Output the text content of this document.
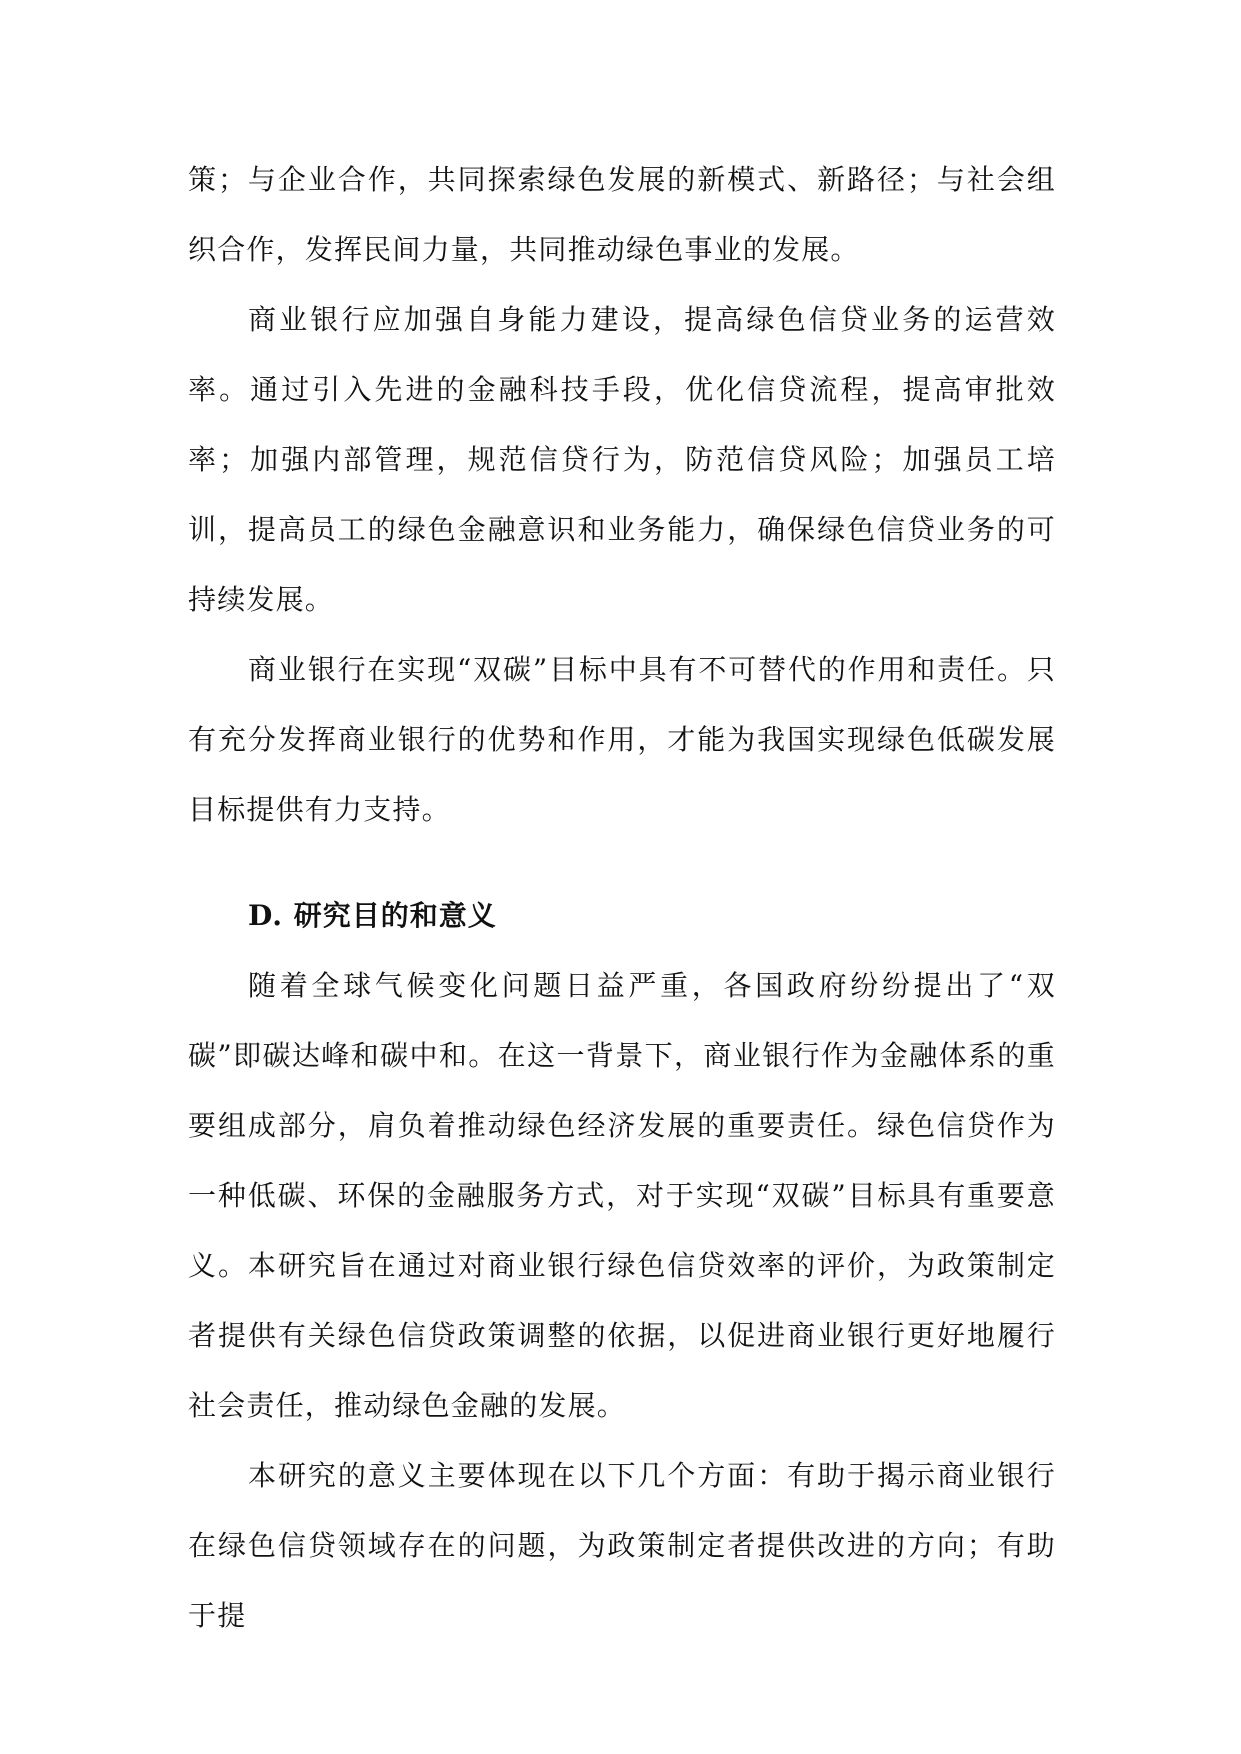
策；与企业合作，共同探索绿色发展的新模式、新路径；与社会组织合作，发挥民间力量，共同推动绿色事业的发展。

商业银行应加强自身能力建设，提高绿色信贷业务的运营效率。通过引入先进的金融科技手段，优化信贷流程，提高审批效率；加强内部管理，规范信贷行为，防范信贷风险；加强员工培训，提高员工的绿色金融意识和业务能力，确保绿色信贷业务的可持续发展。

商业银行在实现“双碳”目标中具有不可替代的作用和责任。只有充分发挥商业银行的优势和作用，才能为我国实现绿色低碳发展目标提供有力支持。

D. 研究目的和意义

随着全球气候变化问题日益严重，各国政府纷纷提出了“双碳”即碳达峰和碳中和。在这一背景下，商业银行作为金融体系的重要组成部分，肩负着推动绿色经济发展的重要责任。绿色信贷作为一种低碳、环保的金融服务方式，对于实现“双碳”目标具有重要意义。本研究旨在通过对商业银行绿色信贷效率的评价，为政策制定者提供有关绿色信贷政策调整的依据，以促进商业银行更好地履行社会责任，推动绿色金融的发展。

本研究的意义主要体现在以下几个方面：有助于揭示商业银行在绿色信贷领域存在的问题，为政策制定者提供改进的方向；有助于提
